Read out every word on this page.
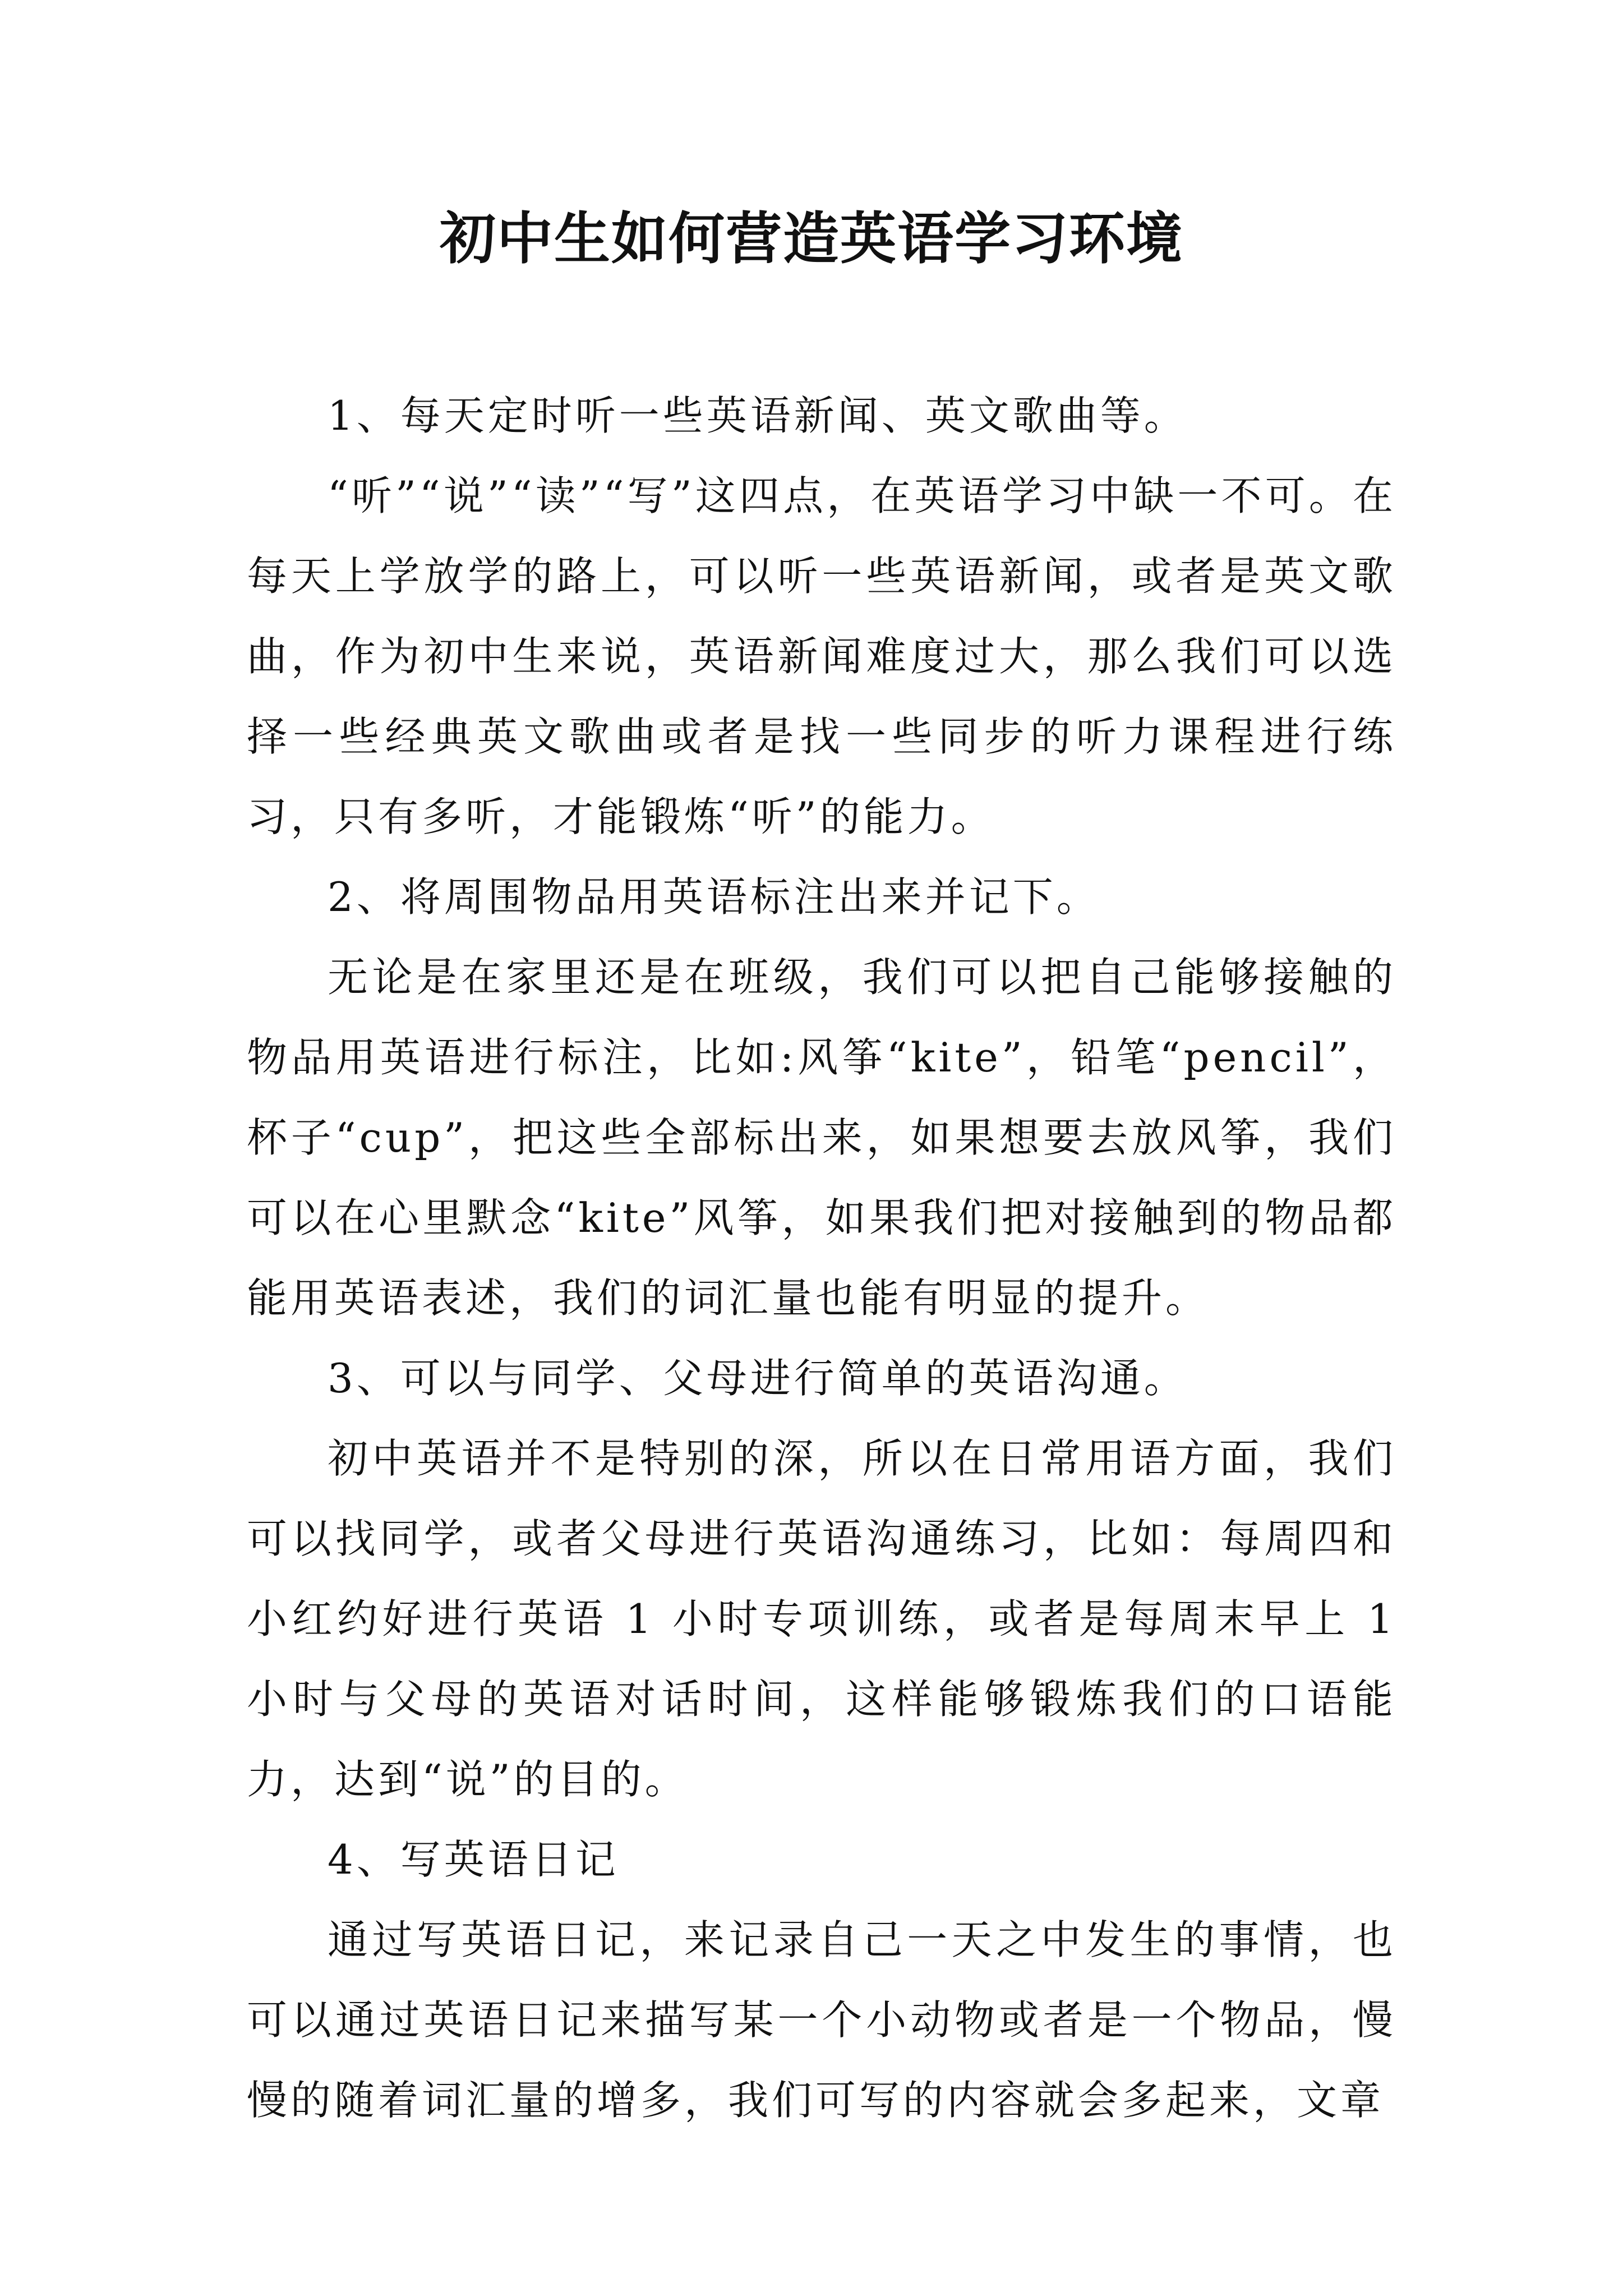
初中生如何营造英语学习环境

1、每天定时听一些英语新闻、英文歌曲等。

“听”“说”“读”“写”这四点，在英语学习中缺一不可。在每天上学放学的路上，可以听一些英语新闻，或者是英文歌曲，作为初中生来说，英语新闻难度过大，那么我们可以选择一些经典英文歌曲或者是找一些同步的听力课程进行练习，只有多听，才能锻炼“听”的能力。

2、将周围物品用英语标注出来并记下。

无论是在家里还是在班级，我们可以把自己能够接触的物品用英语进行标注，比如:风筝“kite”，铅笔“pencil”，杯子“cup”，把这些全部标出来，如果想要去放风筝，我们可以在心里默念“kite”风筝，如果我们把对接触到的物品都能用英语表述，我们的词汇量也能有明显的提升。

3、可以与同学、父母进行简单的英语沟通。

初中英语并不是特别的深，所以在日常用语方面，我们可以找同学，或者父母进行英语沟通练习，比如：每周四和小红约好进行英语 1 小时专项训练，或者是每周末早上 1 小时与父母的英语对话时间，这样能够锻炼我们的口语能力，达到“说”的目的。

4、写英语日记

通过写英语日记，来记录自己一天之中发生的事情，也可以通过英语日记来描写某一个小动物或者是一个物品，慢慢的随着词汇量的增多，我们可写的内容就会多起来，文章
